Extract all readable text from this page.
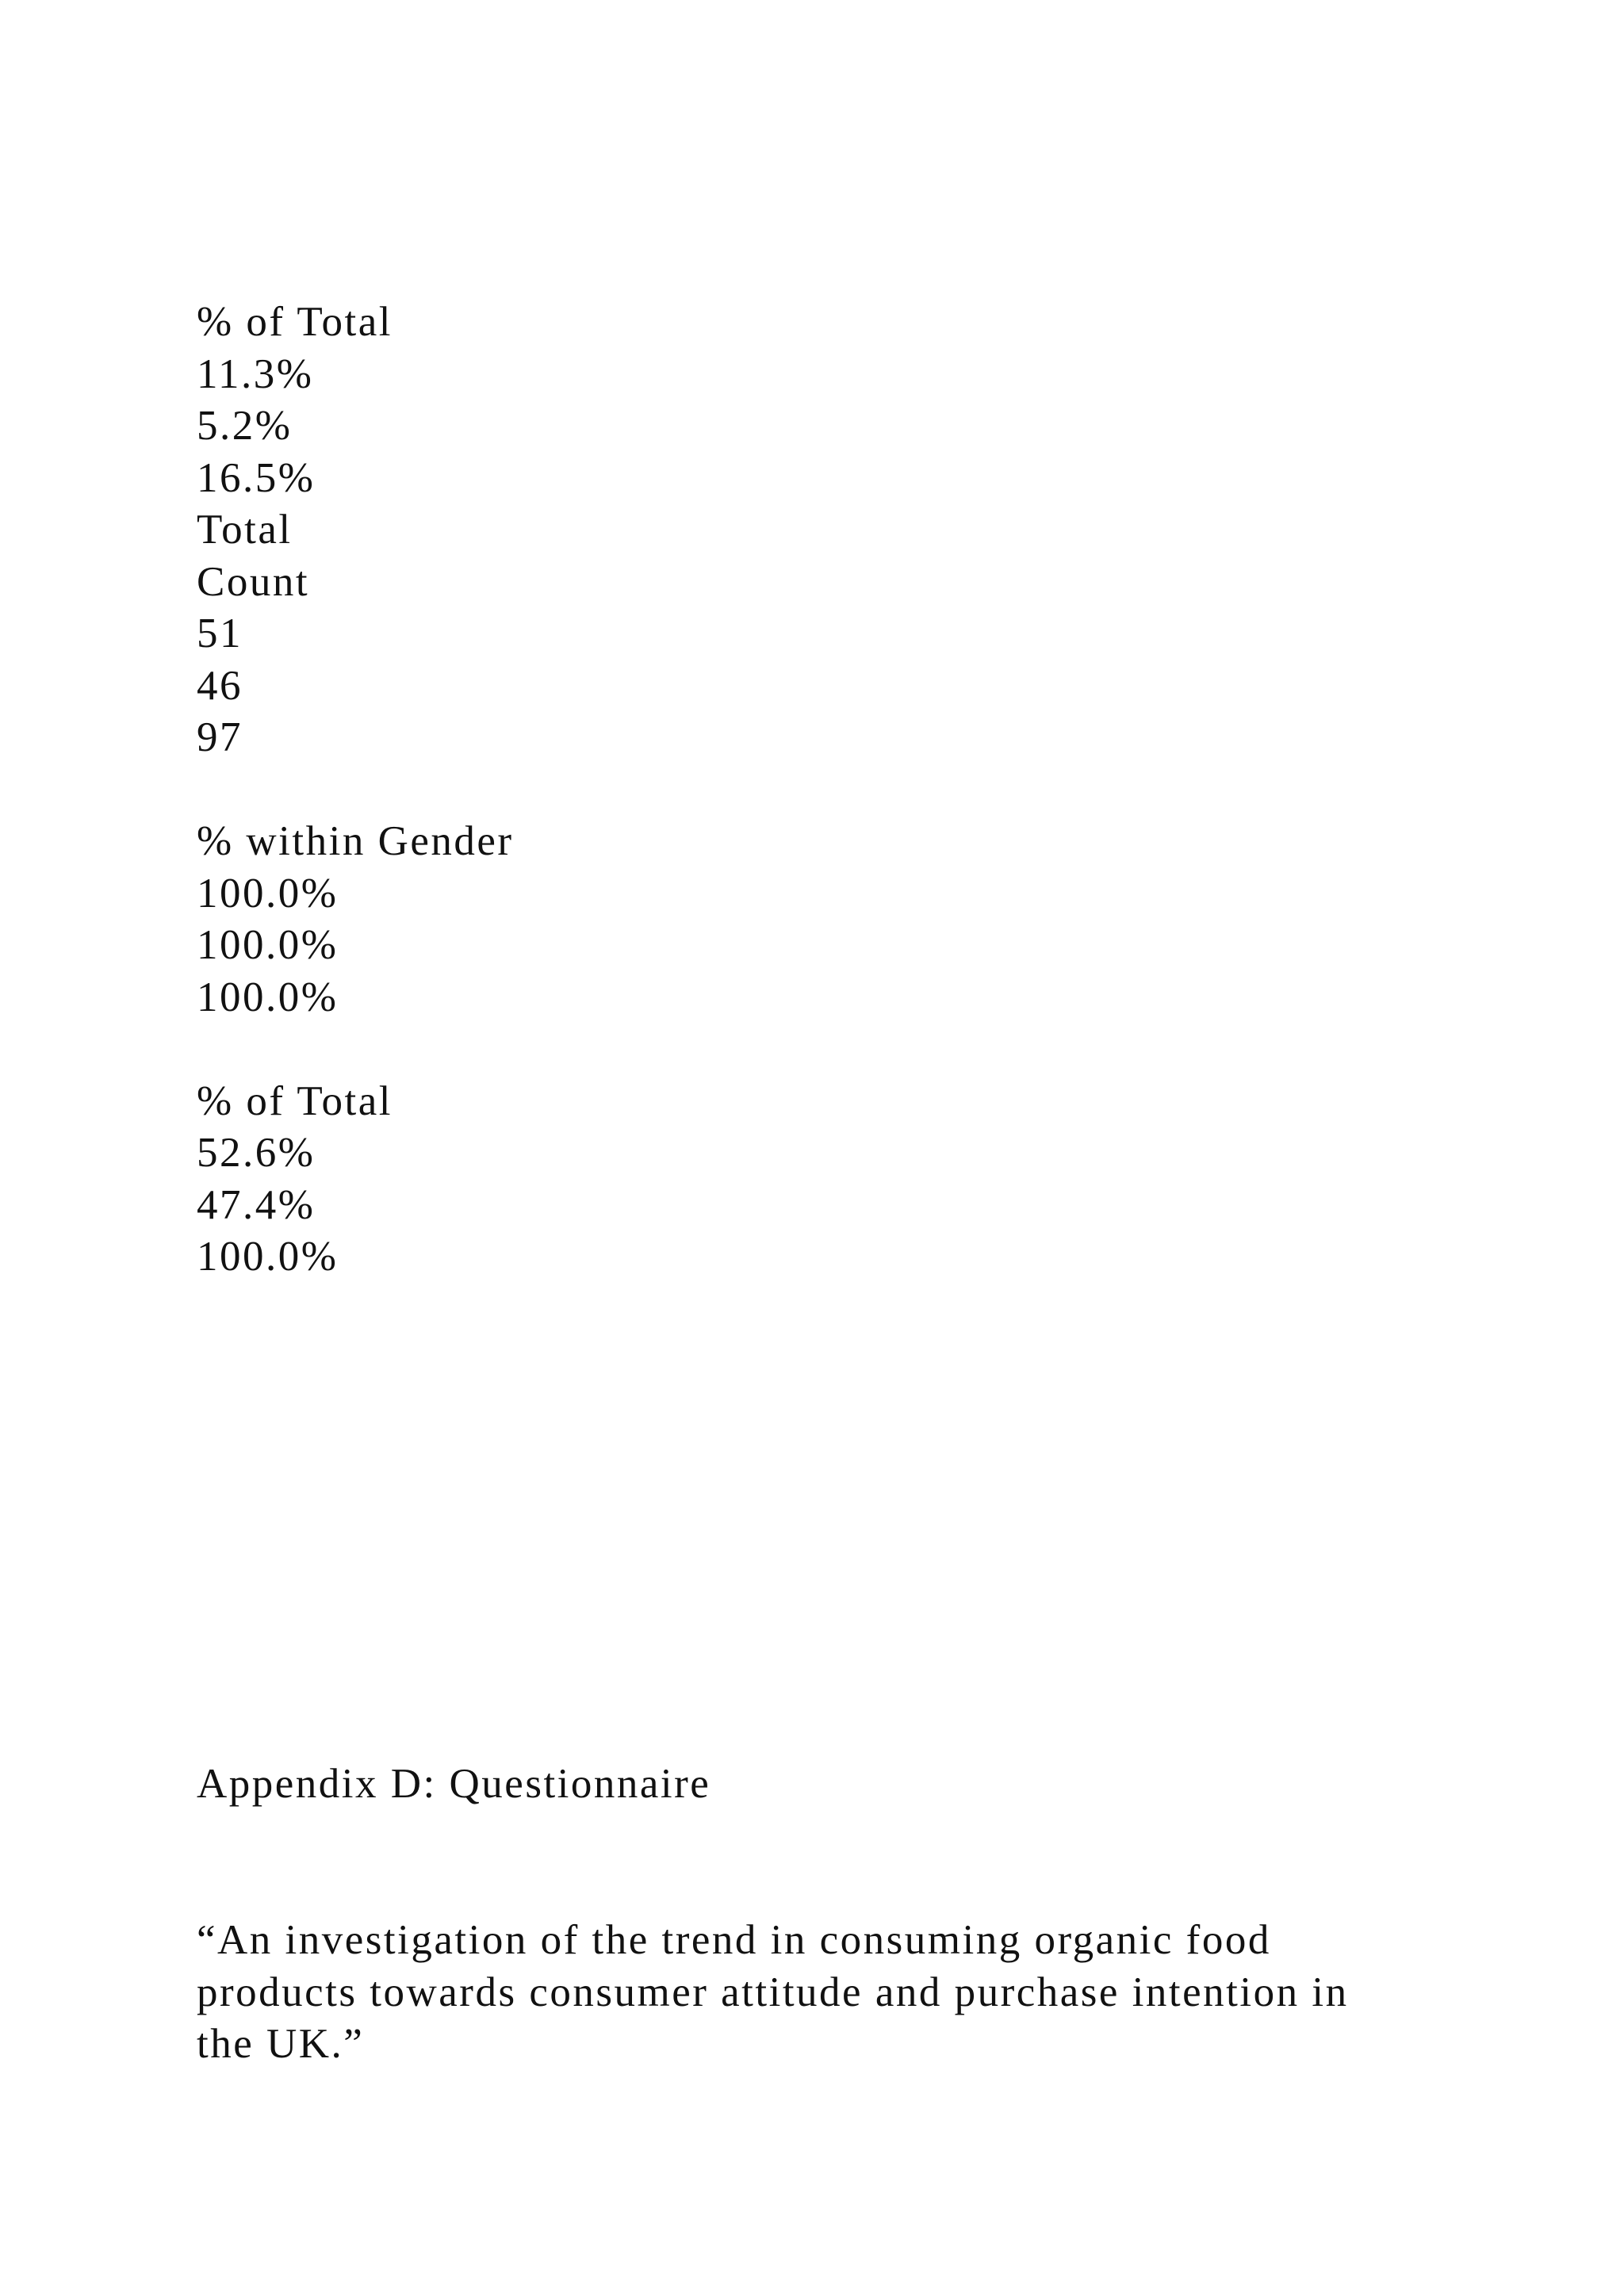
% of Total
11.3%
5.2%
16.5%
Total
Count
51
46
97
% within Gender
100.0%
100.0%
100.0%
% of Total
52.6%
47.4%
100.0%
Appendix D: Questionnaire
“An investigation of the trend in consuming organic food
products towards consumer attitude and purchase intention in
the UK.”
